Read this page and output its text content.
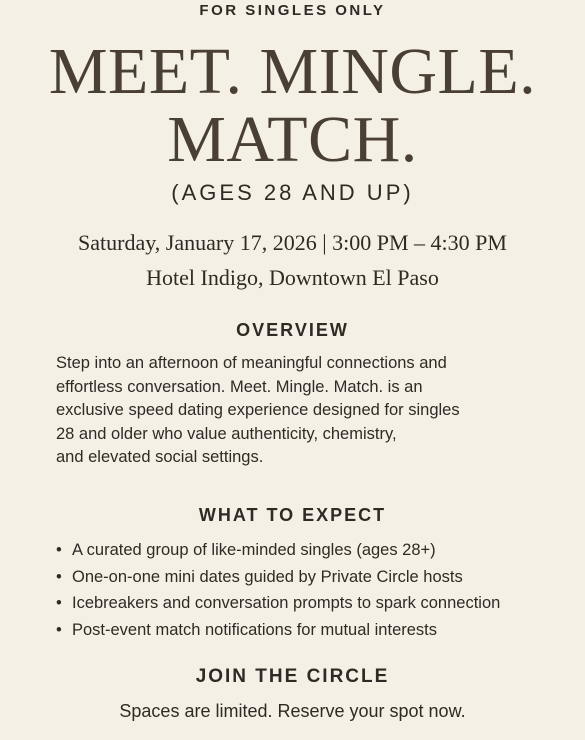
FOR SINGLES ONLY
MEET. MINGLE.
MATCH.
(AGES 28 AND UP)
Saturday, January 17, 2026 | 3:00 PM – 4:30 PM
Hotel Indigo, Downtown El Paso
OVERVIEW
Step into an afternoon of meaningful connections and
effortless conversation. Meet. Mingle. Match. is an
exclusive speed dating experience designed for singles
28 and older who value authenticity, chemistry,
and elevated social settings.
WHAT TO EXPECT
• A curated group of like-minded singles (ages 28+)
• One-on-one mini dates guided by Private Circle hosts
• Icebreakers and conversation prompts to spark connection
• Post-event match notifications for mutual interests
JOIN THE CIRCLE
Spaces are limited. Reserve your spot now.
